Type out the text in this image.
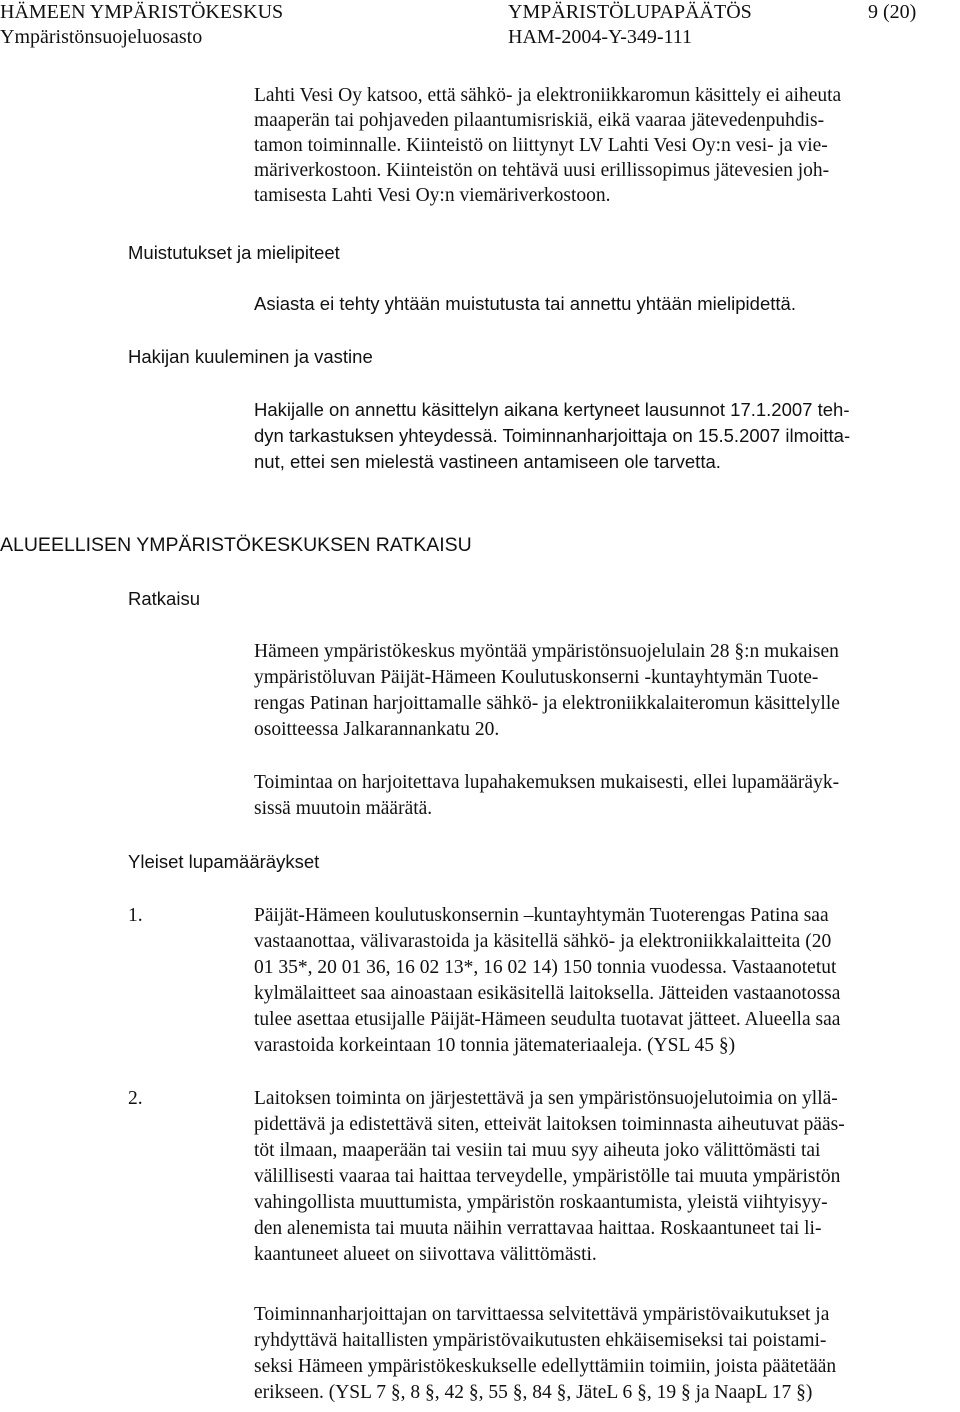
HÄMEEN YMPÄRISTÖKESKUS	YMPÄRISTÖLUPAPÄÄTÖS	9 (20)
Ympäristönsuojeluosasto	HAM-2004-Y-349-111
Lahti Vesi Oy katsoo, että sähkö- ja elektroniikkaromun käsittely ei aiheuta
maaperän tai pohjaveden pilaantumisriskiä, eikä vaaraa jätevedenpuhdis-
tamon toiminnalle. Kiinteistö on liittynyt LV Lahti Vesi Oy:n vesi- ja vie-
märiverkostoon. Kiinteistön on tehtävä uusi erillissopimus jätevesien joh-
tamisesta Lahti Vesi Oy:n viemäriverkostoon.
Muistutukset ja mielipiteet
Asiasta ei tehty yhtään muistutusta tai annettu yhtään mielipidettä.
Hakijan kuuleminen ja vastine
Hakijalle on annettu käsittelyn aikana kertyneet lausunnot 17.1.2007 teh-
dyn tarkastuksen yhteydessä. Toiminnanharjoittaja on 15.5.2007 ilmoitta-
nut, ettei sen mielestä vastineen antamiseen ole tarvetta.
ALUEELLISEN YMPÄRISTÖKESKUKSEN RATKAISU
Ratkaisu
Hämeen ympäristökeskus myöntää ympäristönsuojelulain 28 §:n mukaisen
ympäristöluvan Päijät-Hämeen Koulutuskonserni -kuntayhtymän Tuote-
rengas Patinan harjoittamalle sähkö- ja elektroniikkalaiteromun käsittelylle
osoitteessa Jalkarannankatu 20.
Toimintaa on harjoitettava lupahakemuksen mukaisesti, ellei lupamääräyk-
sissä muutoin määrätä.
Yleiset lupamääräykset
1.	Päijät-Hämeen koulutuskonsernin –kuntayhtymän Tuoterengas Patina saa
vastaanottaa, välivarastoida ja käsitellä sähkö- ja elektroniikkalaitteita (20
01 35*, 20 01 36, 16 02 13*, 16 02 14) 150 tonnia vuodessa. Vastaanotetut
kylmälaitteet saa ainoastaan esikäsitellä laitoksella. Jätteiden vastaanotossa
tulee asettaa etusijalle Päijät-Hämeen seudulta tuotavat jätteet. Alueella saa
varastoida korkeintaan 10 tonnia jätemateriaaleja. (YSL 45 §)
2.	Laitoksen toiminta on järjestettävä ja sen ympäristönsuojelutoimia on yllä-
pidettävä ja edistettävä siten, etteivät laitoksen toiminnasta aiheutuvat pääs-
töt ilmaan, maaperään tai vesiin tai muu syy aiheuta joko välittömästi tai
välillisesti vaaraa tai haittaa terveydelle, ympäristölle tai muuta ympäristön
vahingollista muuttumista, ympäristön roskaantumista, yleistä viihtyisyy-
den alenemista tai muuta näihin verrattavaa haittaa. Roskaantuneet tai li-
kaantuneet alueet on siivottava välittömästi.
Toiminnanharjoittajan on tarvittaessa selvitettävä ympäristövaikutukset ja
ryhdyttävä haitallisten ympäristövaikutusten ehkäisemiseksi tai poistami-
seksi Hämeen ympäristökeskukselle edellyttämiin toimiin, joista päätetään
erikseen. (YSL 7 §, 8 §, 42 §, 55 §, 84 §, JäteL 6 §, 19 § ja NaapL 17 §)
